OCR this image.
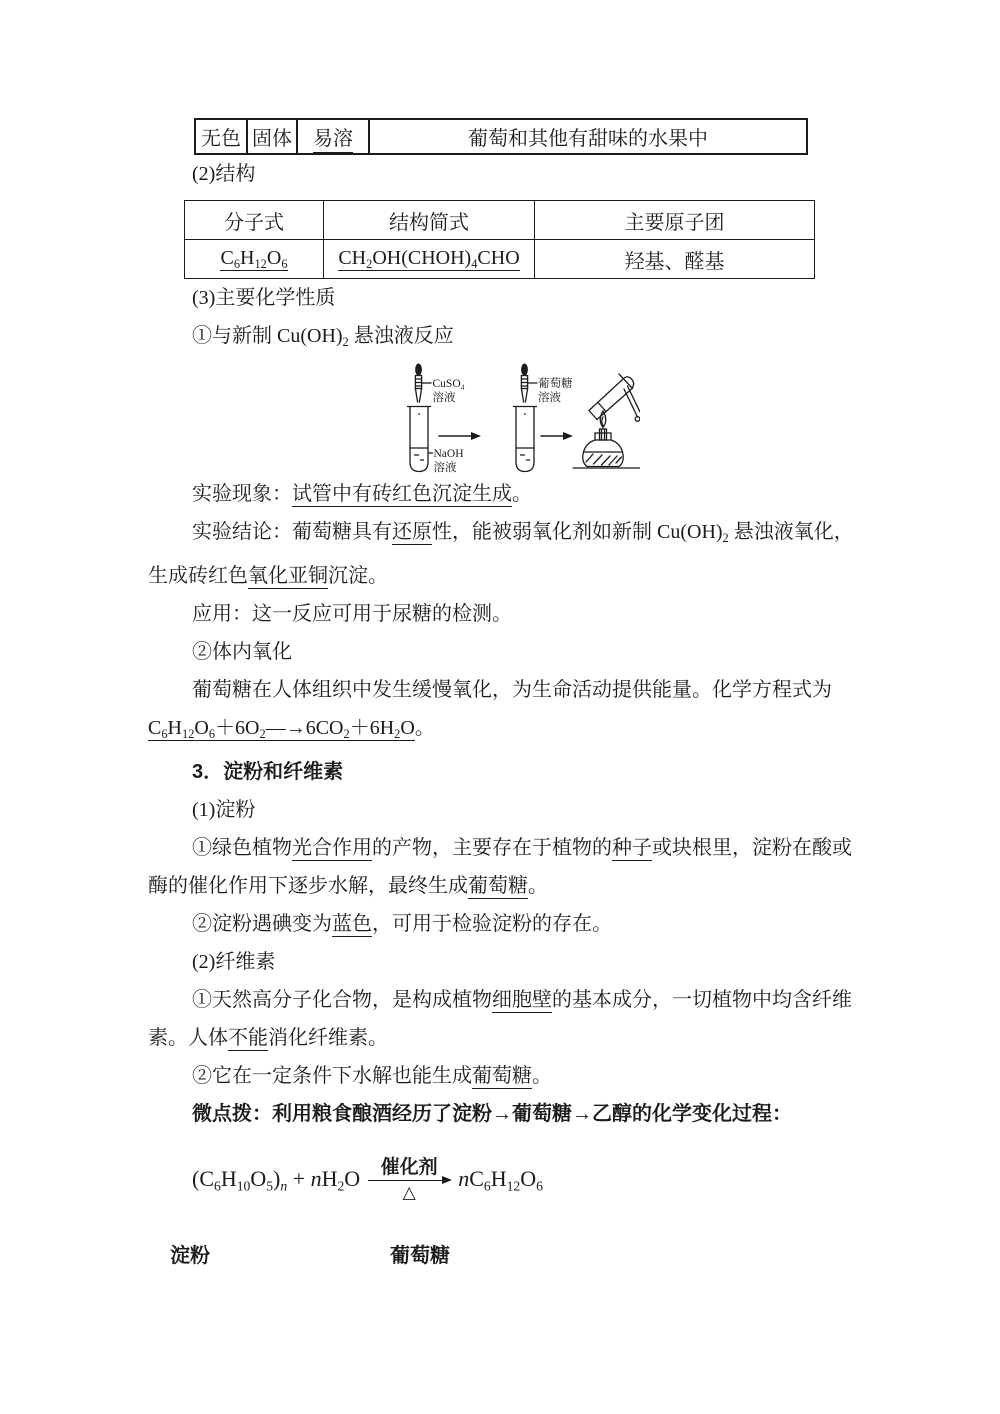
无色	固体	易溶	葡萄和其他有甜味的水果中

(2)结构

分子式	结构简式	主要原子团
$C_6H_{12}O_6$	$CH_2OH(CHOH)_4CHO$	羟基、醛基

(3)主要化学性质

①与新制 $Cu(OH)_2$ 悬浊液反应

CuSO₄
溶液
NaOH
溶液
葡萄糖
溶液

实验现象：试管中有砖红色沉淀生成。

实验结论：葡萄糖具有还原性，能被弱氧化剂如新制 $Cu(OH)_2$ 悬浊液氧化，生成砖红色氧化亚铜沉淀。

应用：这一反应可用于尿糖的检测。

②体内氧化

葡萄糖在人体组织中发生缓慢氧化，为生命活动提供能量。化学方程式为$C_6H_{12}O_6+6O_2―\to 6CO_2+6H_2O$。

3．淀粉和纤维素

(1)淀粉

①绿色植物光合作用的产物，主要存在于植物的种子或块根里，淀粉在酸或酶的催化作用下逐步水解，最终生成葡萄糖。

②淀粉遇碘变为蓝色，可用于检验淀粉的存在。

(2)纤维素

①天然高分子化合物，是构成植物细胞壁的基本成分，一切植物中均含纤维素。人体不能消化纤维素。

②它在一定条件下水解也能生成葡萄糖。

微点拨：利用粮食酿酒经历了淀粉→葡萄糖→乙醇的化学变化过程：

$(C_6H_{10}O_5)_n + nH_2O$ 催化剂
△
$nC_6H_{12}O_6$
淀粉	葡萄糖
